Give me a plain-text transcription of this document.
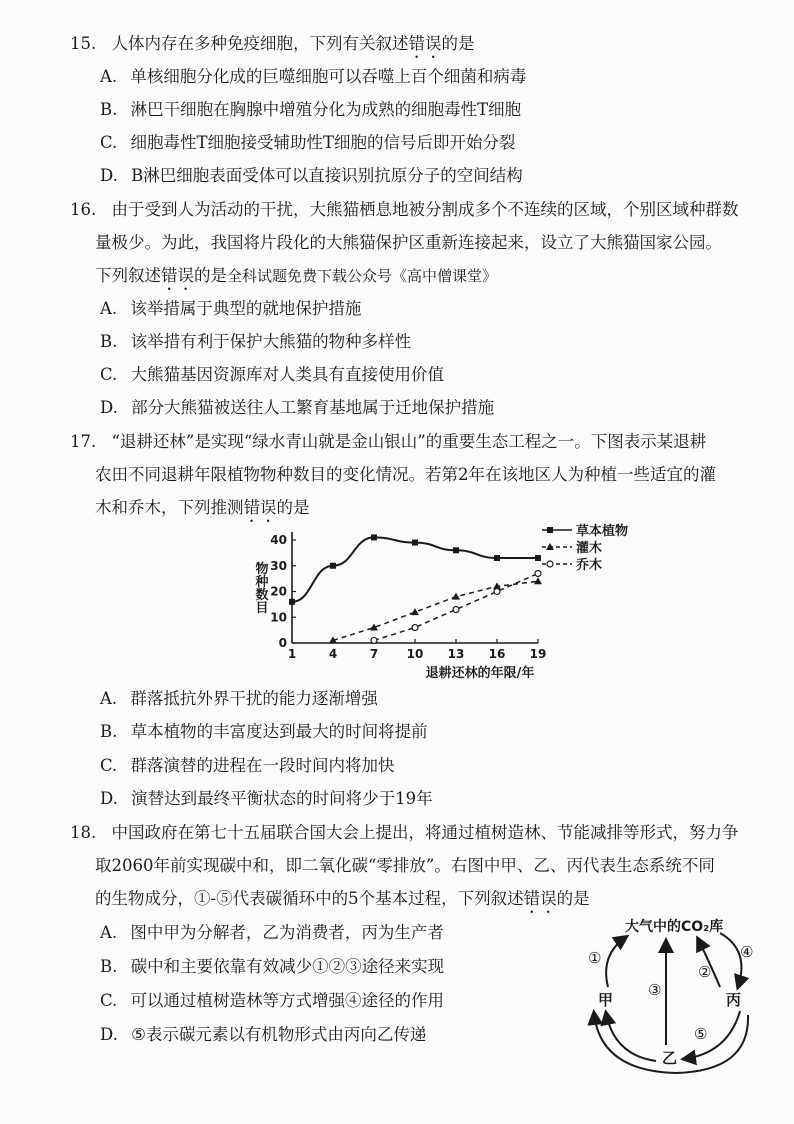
15. 人体内存在多种免疫细胞，下列有关叙述错误的是
A. 单核细胞分化成的巨噬细胞可以吞噬上百个细菌和病毒
B. 淋巴干细胞在胸腺中增殖分化为成熟的细胞毒性T细胞
C. 细胞毒性T细胞接受辅助性T细胞的信号后即开始分裂
D. B淋巴细胞表面受体可以直接识别抗原分子的空间结构
16. 由于受到人为活动的干扰，大熊猫栖息地被分割成多个不连续的区域，个别区域种群数
量极少。为此，我国将片段化的大熊猫保护区重新连接起来，设立了大熊猫国家公园。
下列叙述错误的是全科试题免费下载公众号《高中僧课堂》
A. 该举措属于典型的就地保护措施
B. 该举措有利于保护大熊猫的物种多样性
C. 大熊猫基因资源库对人类具有直接使用价值
D. 部分大熊猫被送往人工繁育基地属于迁地保护措施
17. “退耕还林”是实现“绿水青山就是金山银山”的重要生态工程之一。下图表示某退耕
农田不同退耕年限植物物种数目的变化情况。若第2年在该地区人为种植一些适宜的灌
木和乔木，下列推测错误的是
1	4	7 10 13 16 19
0
10
20
30
40
退耕还林的年限/年
物种数目
草本植物
灌木
乔木
A. 群落抵抗外界干扰的能力逐渐增强
B. 草本植物的丰富度达到最大的时间将提前
C. 群落演替的进程在一段时间内将加快
D. 演替达到最终平衡状态的时间将少于19年
18. 中国政府在第七十五届联合国大会上提出，将通过植树造林、节能减排等形式，努力争
取2060年前实现碳中和，即二氧化碳“零排放”。右图中甲、乙、丙代表生态系统不同
的生物成分，①-⑤代表碳循环中的5个基本过程，下列叙述错误的是
A. 图中甲为分解者，乙为消费者，丙为生产者
B. 碳中和主要依靠有效减少①②③途径来实现
C. 可以通过植树造林等方式增强④途径的作用
D. ⑤表示碳元素以有机物形式由丙向乙传递
大气中的CO₂库
甲	丙
乙
①
②
③
④
⑤
